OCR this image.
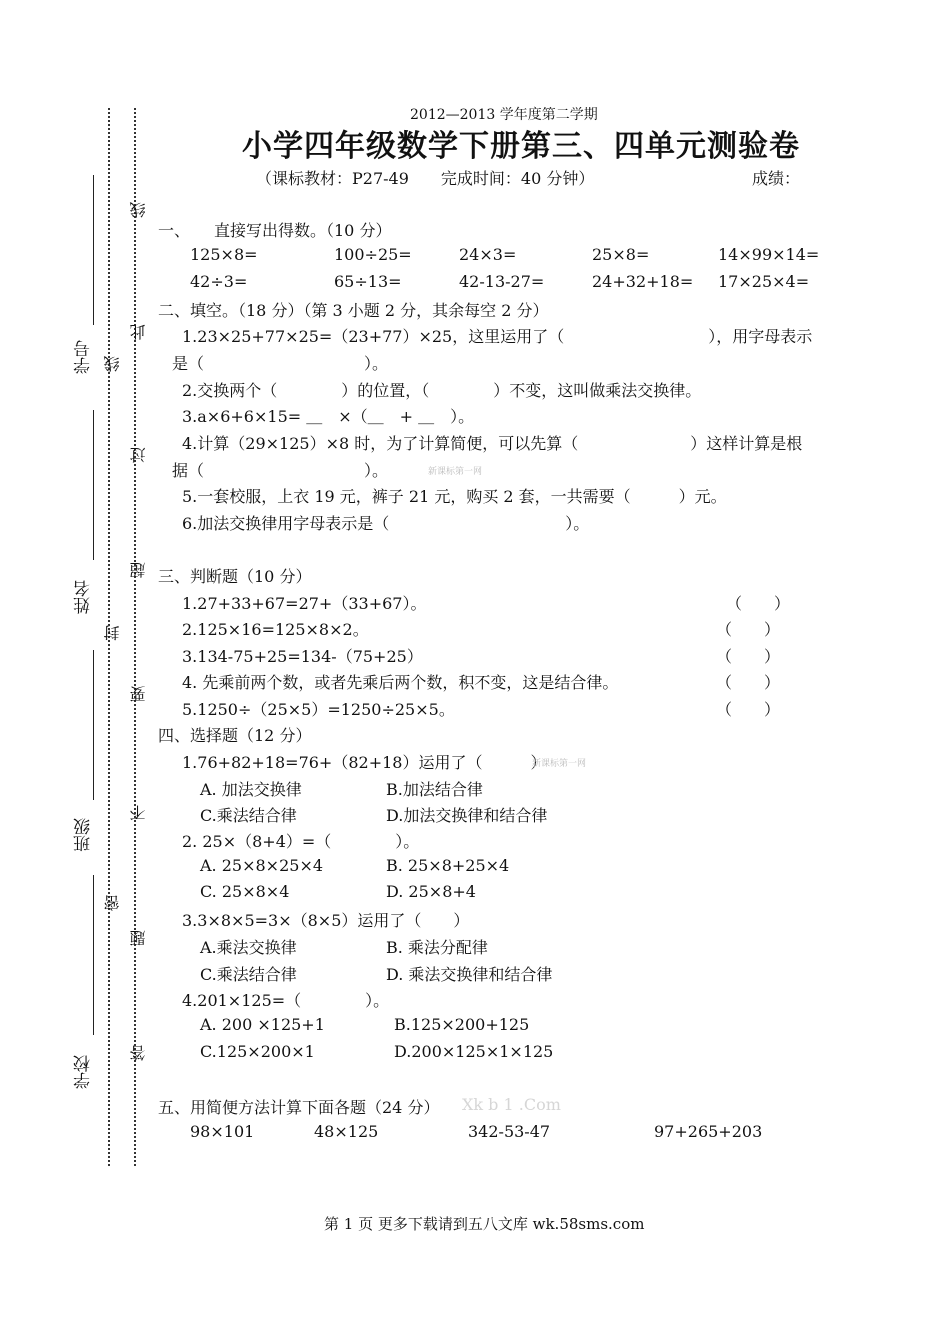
学号
姓名
班级
学校
线
此
线
过
超
封
要
不
密
题
答
2012—2013 学年度第二学期
小学四年级数学下册第三、四单元测验卷
（课标教材：P27-49　　完成时间：40 分钟）	成绩：
一、　　直接写出得数。（10 分）
125×8=	100÷25=	24×3=	25×8=	14×99×14=
42÷3=	65÷13=	42-13-27=	24+32+18= 17×25×4=
二、填空。（18 分）（第 3 小题 2 分，其余每空 2 分）
1.23×25+77×25=（23+77）×25，这里运用了（　　　　　　　　　），用字母表示
是（　　　　　　　　　　）。
2.交换两个（　　　　）的位置，（　　　　）不变，这叫做乘法交换律。
3.a×6+6×15= ＿　×（＿　+ ＿　）。
4.计算（29×125）×8 时，为了计算简便，可以先算（　　　　　　　）这样计算是根
据（　　　　　　　　　　）。	新课标第一网
5.一套校服，上衣 19 元，裤子 21 元，购买 2 套，一共需要（　　　）元。
6.加法交换律用字母表示是（　　　　　　　　　　　）。
三、判断题（10 分）
1.27+33+67=27+（33+67）。	（　　）
2.125×16=125×8×2。	（　　）
3.134-75+25=134-（75+25）	（　　）
4. 先乘前两个数，或者先乘后两个数，积不变，这是结合律。	（　　）
5.1250÷（25×5）=1250÷25×5。	（　　）
四、选择题（12 分）
1.76+82+18=76+（82+18）运用了（　　　）
新课标第一网
A. 加法交换律	B.加法结合律
C.乘法结合律	D.加法交换律和结合律
2. 25×（8+4）=（　　　　）。
A. 25×8×25×4	B. 25×8+25×4
C. 25×8×4	D. 25×8+4
3.3×8×5=3×（8×5）运用了（　　）
A.乘法交换律	B. 乘法分配律
C.乘法结合律	D. 乘法交换律和结合律
4.201×125=（　　　　）。
A. 200 ×125+1	B.125×200+125
C.125×200×1	D.200×125×1×125
五、用简便方法计算下面各题（24 分） Xk b 1 .Com
98×101	48×125	342-53-47	97+265+203
第 1 页 更多下载请到五八文库 wk.58sms.com
